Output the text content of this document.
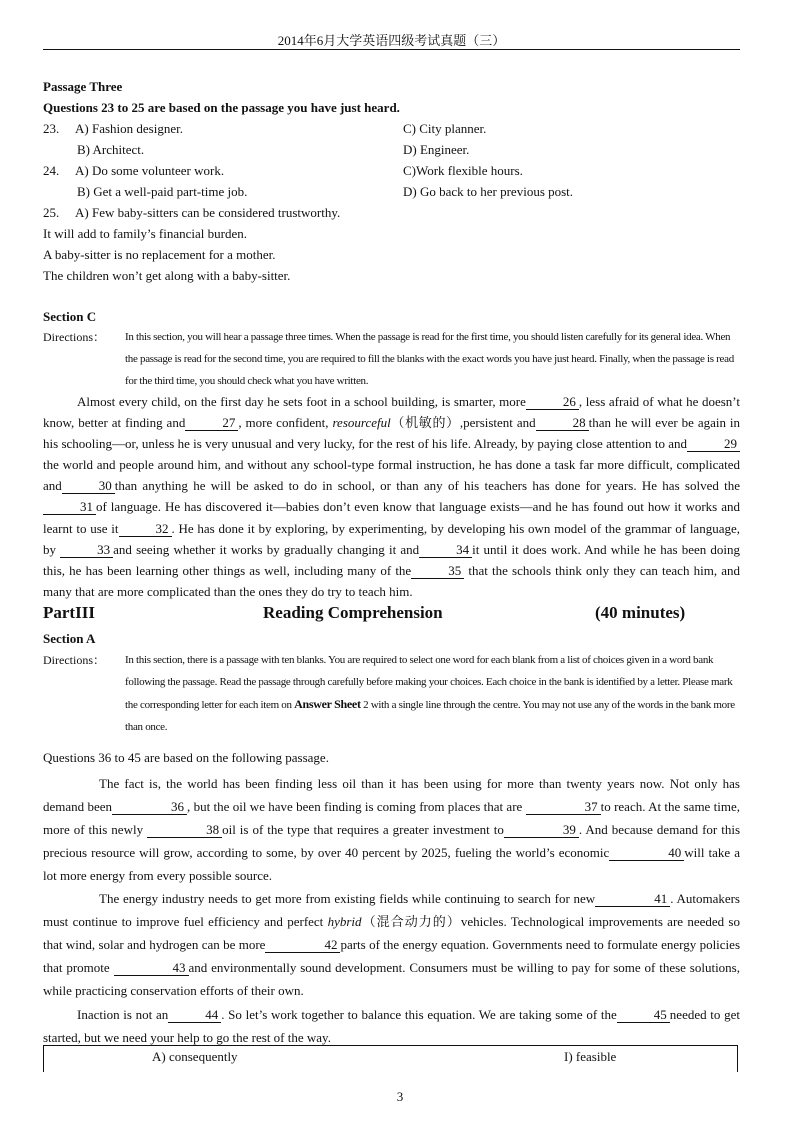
2014年6月大学英语四级考试真题（三）
Passage Three
Questions 23 to 25 are based on the passage you have just heard.
23. A) Fashion designer.	C) City planner.
B) Architect.	D) Engineer.
24. A) Do some volunteer work.	C)Work flexible hours.
B) Get a well-paid part-time job.	D) Go back to her previous post.
25. A) Few baby-sitters can be considered trustworthy.
It will add to family’s financial burden.
A baby-sitter is no replacement for a mother.
The children won’t get along with a baby-sitter.
Section C
Directions： In this section, you will hear a passage three times. When the passage is read for the first time, you should listen carefully for its general idea. When the passage is read for the second time, you are required to fill the blanks with the exact words you have just heard. Finally, when the passage is read for the third time, you should check what you have written.
Almost every child, on the first day he sets foot in a school building, is smarter, more	26 , less afraid of what he doesn’t know, better at finding and	27 , more confident, resourceful（机敏的）,persistent and	28 than he will ever be again in his schooling—or, unless he is very unusual and very lucky, for the rest of his life. Already, by paying close attention to and	29the world and people around him, and without any school-type formal instruction, he has done a task far more difficult, complicated and	30 than anything he will be asked to do in school, or than any of his teachers has done for years. He has solved the31 of language. He has discovered it—babies don’t even know that language exists—and he has found out how it works and learnt to use it	32 . He has done it by exploring, by experimenting, by developing his own model of the grammar of language, by	33 and seeing whether it works by gradually changing it and	34 it until it does work. And while he has been doing this, he has been learning other things as well, including many of the	35 that the schools think only they can teach him, and many that are more complicated than the ones they do try to teach him.
PartIII	Reading Comprehension	(40 minutes)
Section A
Directions： In this section, there is a passage with ten blanks. You are required to select one word for each blank from a list of choices given in a word bank following the passage. Read the passage through carefully before making your choices. Each choice in the bank is identified by a letter. Please mark the corresponding letter for each item on Answer Sheet 2 with a single line through the centre. You may not use any of the words in the bank more than once.
Questions 36 to 45 are based on the following passage.
The fact is, the world has been finding less oil than it has been using for more than twenty years now. Not only has demand been	36 , but the oil we have been finding is coming from places that are	37 to reach. At the same time, more of this newly	38 oil is of the type that requires a greater investment to	39 . And because demand for this precious resource will grow, according to some, by over 40 percent by 2025, fueling the world’s economic	40 will take a lot more energy from every possible source.
The energy industry needs to get more from existing fields while continuing to search for new	41 . Automakers must continue to improve fuel efficiency and perfect hybrid（混合动力的）vehicles. Technological improvements are needed so that wind, solar and hydrogen can be more	42 parts of the energy equation. Governments need to formulate energy policies that promote	43 and environmentally sound development. Consumers must be willing to pay for some of these solutions, while practicing conservation efforts of their own.
Inaction is not an	44 . So let’s work together to balance this equation. We are taking some of the	45 needed to get started, but we need your help to go the rest of the way.
A) consequently	I) feasible
3
